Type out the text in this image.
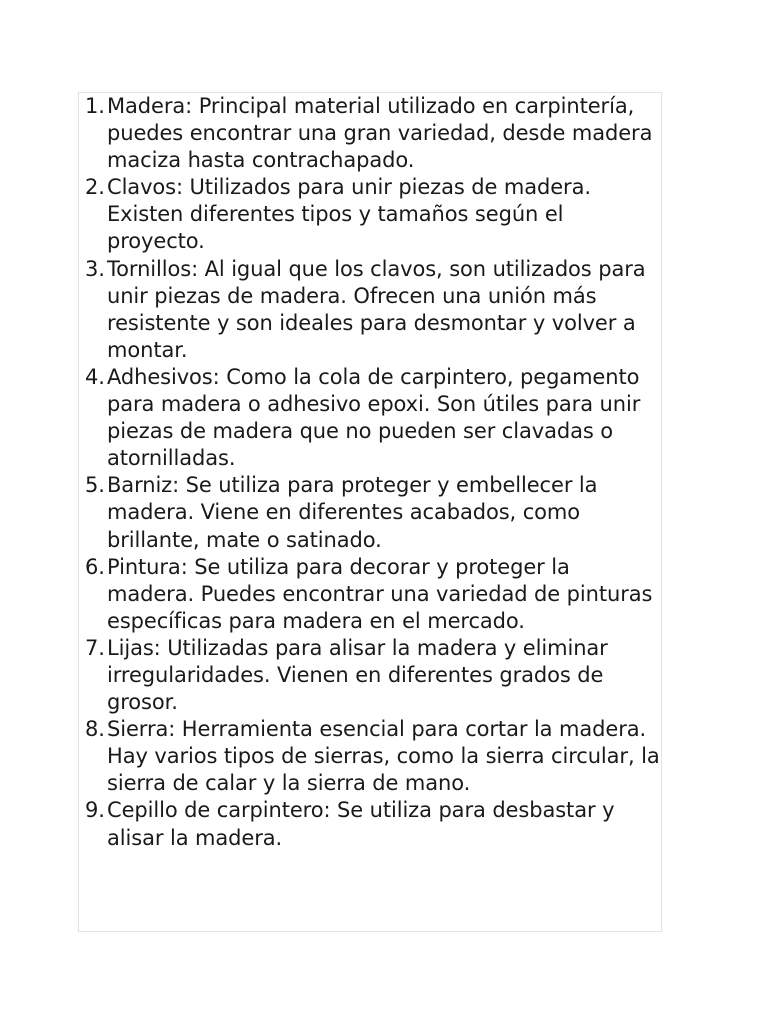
1. Madera: Principal material utilizado en carpintería, puedes encontrar una gran variedad, desde madera maciza hasta contrachapado.
2. Clavos: Utilizados para unir piezas de madera. Existen diferentes tipos y tamaños según el proyecto.
3. Tornillos: Al igual que los clavos, son utilizados para unir piezas de madera. Ofrecen una unión más resistente y son ideales para desmontar y volver a montar.
4. Adhesivos: Como la cola de carpintero, pegamento para madera o adhesivo epoxi. Son útiles para unir piezas de madera que no pueden ser clavadas o atornilladas.
5. Barniz: Se utiliza para proteger y embellecer la madera. Viene en diferentes acabados, como brillante, mate o satinado.
6. Pintura: Se utiliza para decorar y proteger la madera. Puedes encontrar una variedad de pinturas específicas para madera en el mercado.
7. Lijas: Utilizadas para alisar la madera y eliminar irregularidades. Vienen en diferentes grados de grosor.
8. Sierra: Herramienta esencial para cortar la madera. Hay varios tipos de sierras, como la sierra circular, la sierra de calar y la sierra de mano.
9. Cepillo de carpintero: Se utiliza para desbastar y alisar la madera.
